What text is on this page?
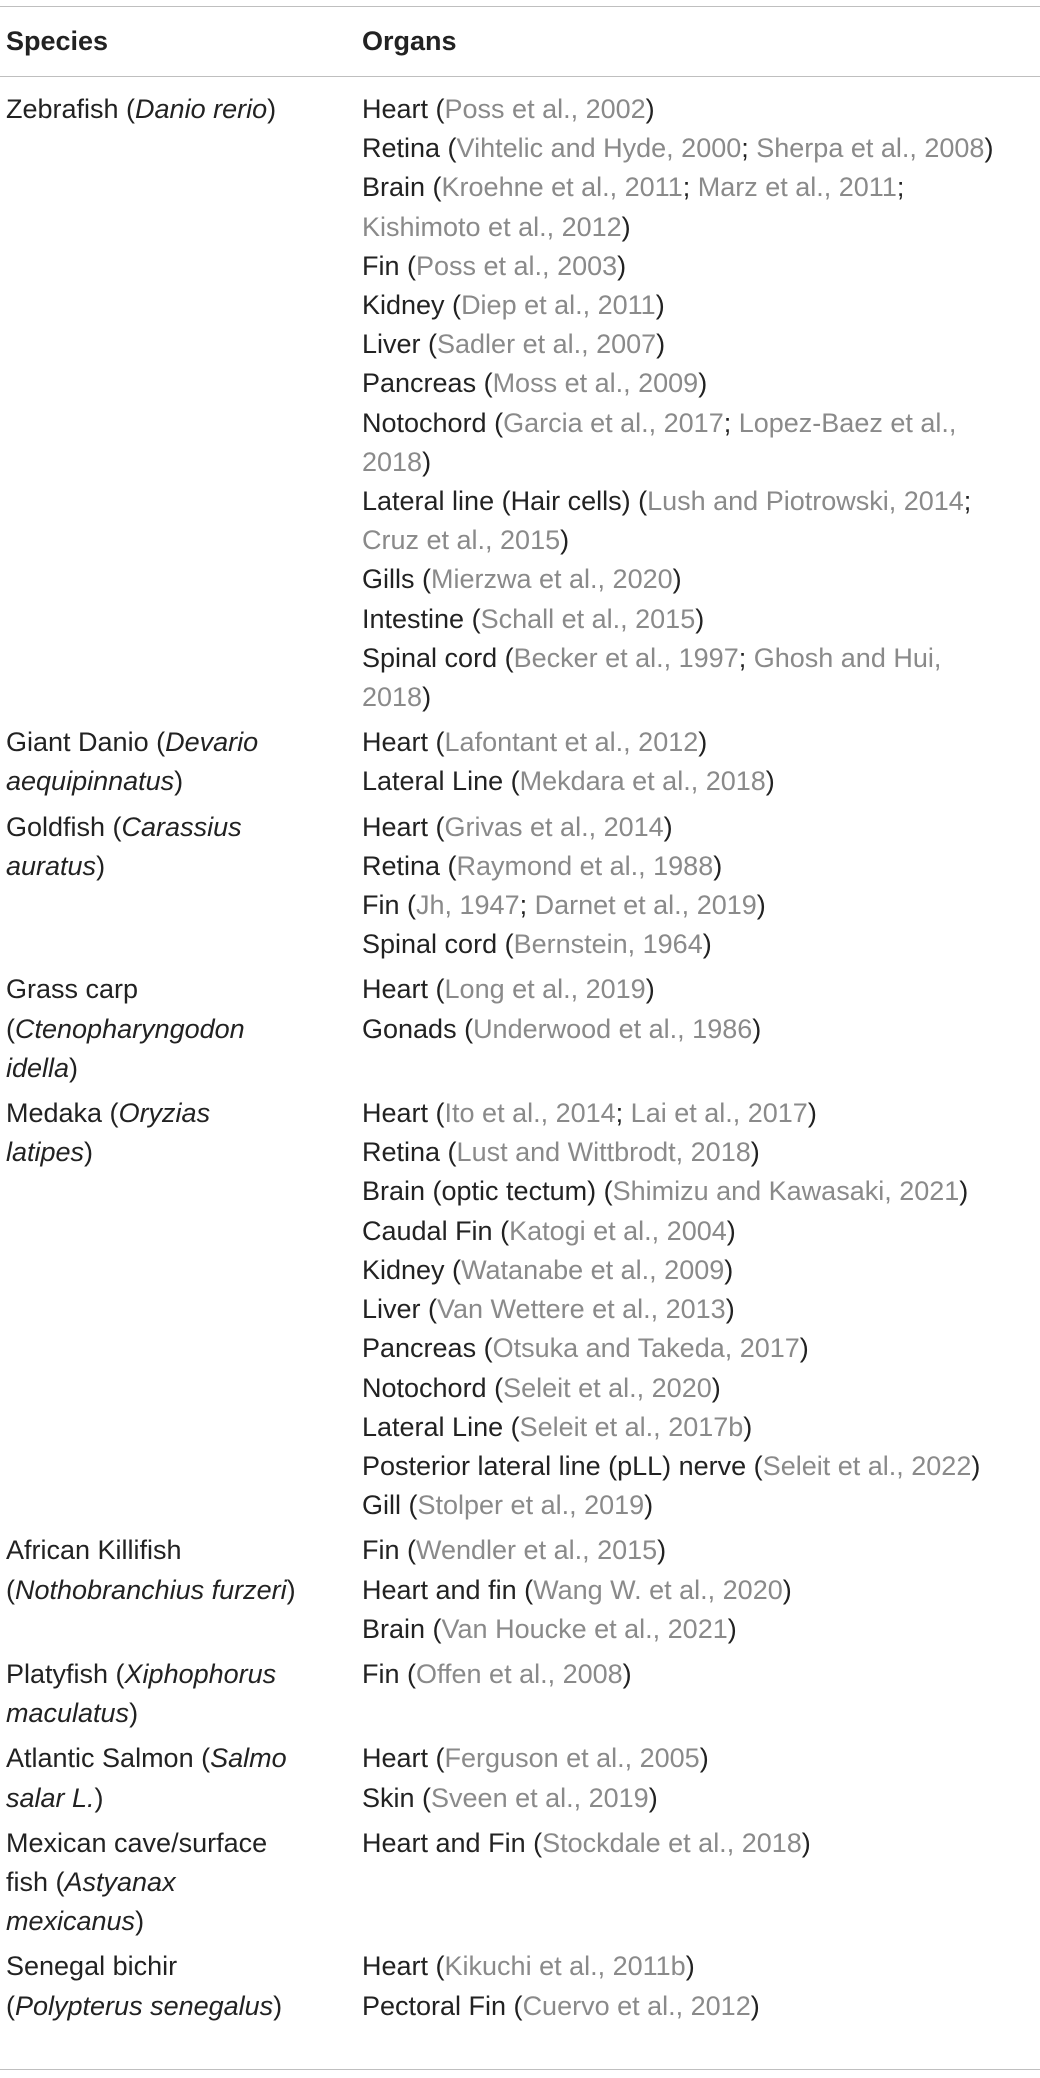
Species	Organs
Zebrafish (Danio rerio)	Heart (Poss et al., 2002)
Retina (Vihtelic and Hyde, 2000; Sherpa et al., 2008)
Brain (Kroehne et al., 2011; Marz et al., 2011;
Kishimoto et al., 2012)
Fin (Poss et al., 2003)
Kidney (Diep et al., 2011)
Liver (Sadler et al., 2007)
Pancreas (Moss et al., 2009)
Notochord (Garcia et al., 2017; Lopez-Baez et al.,
2018)
Lateral line (Hair cells) (Lush and Piotrowski, 2014;
Cruz et al., 2015)
Gills (Mierzwa et al., 2020)
Intestine (Schall et al., 2015)
Spinal cord (Becker et al., 1997; Ghosh and Hui,
2018)
Giant Danio (Devario
aequipinnatus)
Heart (Lafontant et al., 2012)
Lateral Line (Mekdara et al., 2018)
Goldfish (Carassius
auratus)
Heart (Grivas et al., 2014)
Retina (Raymond et al., 1988)
Fin (Jh, 1947; Darnet et al., 2019)
Spinal cord (Bernstein, 1964)
Grass carp
(Ctenopharyngodon
idella)
Heart (Long et al., 2019)
Gonads (Underwood et al., 1986)
Medaka (Oryzias
latipes)
Heart (Ito et al., 2014; Lai et al., 2017)
Retina (Lust and Wittbrodt, 2018)
Brain (optic tectum) (Shimizu and Kawasaki, 2021)
Caudal Fin (Katogi et al., 2004)
Kidney (Watanabe et al., 2009)
Liver (Van Wettere et al., 2013)
Pancreas (Otsuka and Takeda, 2017)
Notochord (Seleit et al., 2020)
Lateral Line (Seleit et al., 2017b)
Posterior lateral line (pLL) nerve (Seleit et al., 2022)
Gill (Stolper et al., 2019)
African Killifish
(Nothobranchius furzeri)
Fin (Wendler et al., 2015)
Heart and fin (Wang W. et al., 2020)
Brain (Van Houcke et al., 2021)
Platyfish (Xiphophorus
maculatus)
Fin (Offen et al., 2008)
Atlantic Salmon (Salmo
salar L.)
Heart (Ferguson et al., 2005)
Skin (Sveen et al., 2019)
Mexican cave/surface
fish (Astyanax
mexicanus)
Heart and Fin (Stockdale et al., 2018)
Senegal bichir
(Polypterus senegalus)
Heart (Kikuchi et al., 2011b)
Pectoral Fin (Cuervo et al., 2012)
